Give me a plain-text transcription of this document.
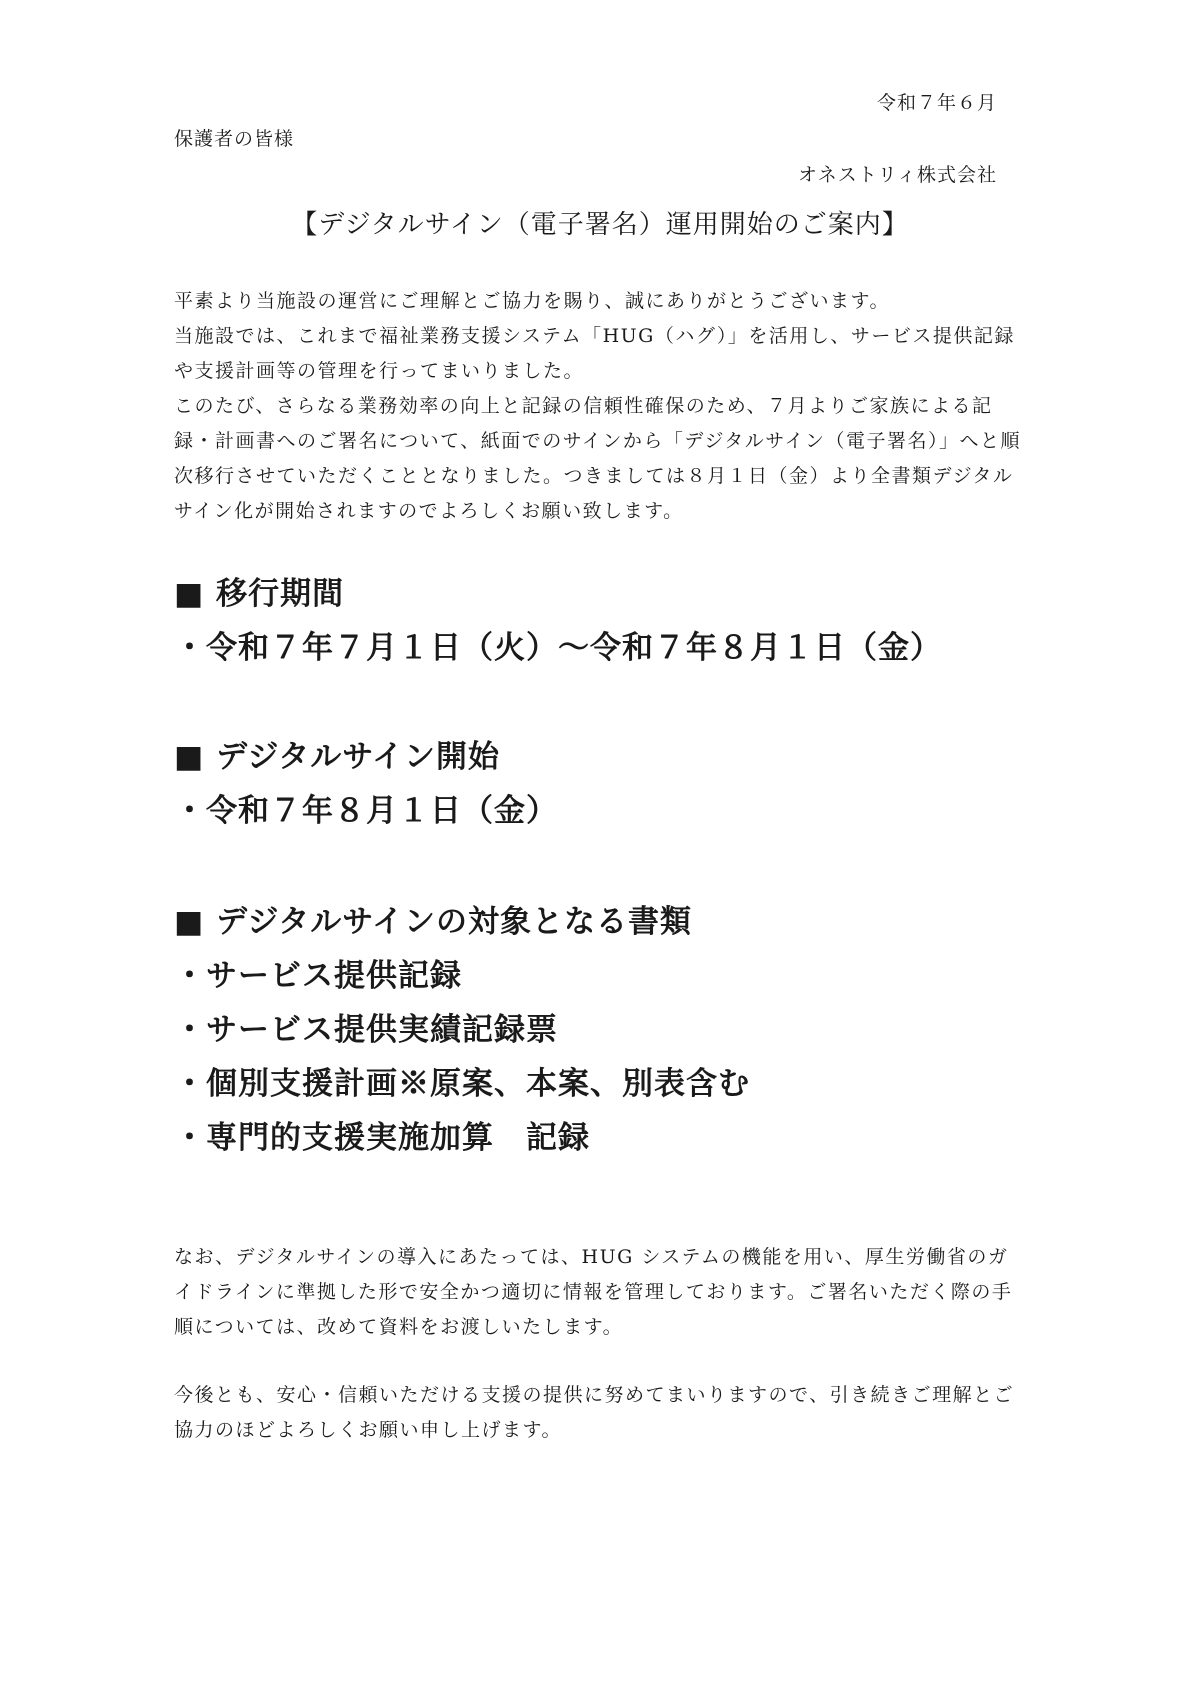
令和７年６月
保護者の皆様
オネストリィ株式会社
【デジタルサイン（電子署名）運用開始のご案内】

平素より当施設の運営にご理解とご協力を賜り、誠にありがとうございます。

当施設では、これまで福祉業務支援システム「HUG（ハグ）」を活用し、サービス提供記録や支援計画等の管理を行ってまいりました。

このたび、さらなる業務効率の向上と記録の信頼性確保のため、７月よりご家族による記録・計画書へのご署名について、紙面でのサインから「デジタルサイン（電子署名）」へと順次移行させていただくこととなりました。つきましては８月１日（金）より全書類デジタルサイン化が開始されますのでよろしくお願い致します。

■ 移行期間
・令和７年７月１日（火）～令和７年８月１日（金）
■ デジタルサイン開始
・令和７年８月１日（金）
■ デジタルサインの対象となる書類
・サービス提供記録
・サービス提供実績記録票
・個別支援計画※原案、本案、別表含む
・専門的支援実施加算　記録

なお、デジタルサインの導入にあたっては、HUG システムの機能を用い、厚生労働省のガイドラインに準拠した形で安全かつ適切に情報を管理しております。ご署名いただく際の手順については、改めて資料をお渡しいたします。

今後とも、安心・信頼いただける支援の提供に努めてまいりますので、引き続きご理解とご協力のほどよろしくお願い申し上げます。
